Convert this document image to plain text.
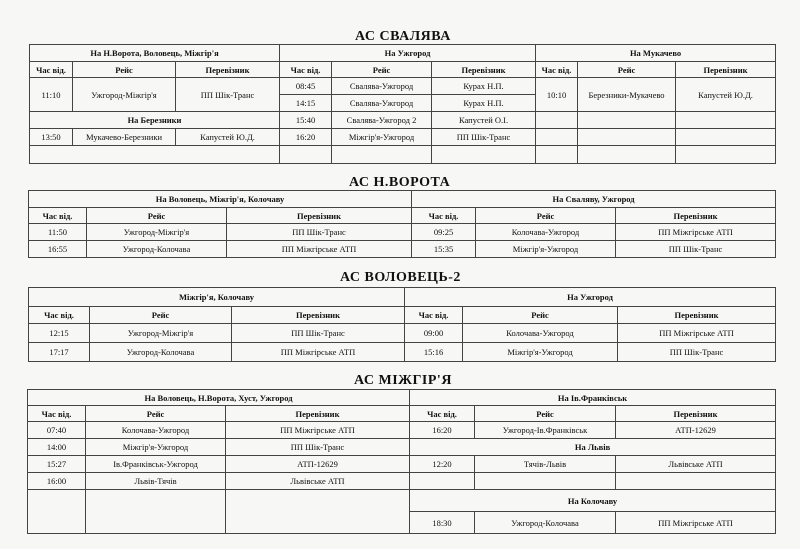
АС СВАЛЯВА
На Н.Ворота, Воловець, Міжгір'я			На Ужгород			На Мукачево		
Час від.	Рейс	Перевізник	Час від.	Рейс	Перевізник	Час від.	Рейс	Перевізник
11:10	Ужгород-Міжгір'я	ПП Шік-Транс	08:45	Свалява-Ужгород	Курах Н.П.	10:10	Березники-Мукачево	Капустей Ю.Д.
			14:15	Свалява-Ужгород	Курах Н.П.			
На Березники			15:40	Свалява-Ужгород 2	Капустей О.І.			
13:50	Мукачево-Березники	Капустей Ю.Д.	16:20	Міжгір'я-Ужгород	ПП Шік-Транс			

АС Н.ВОРОТА
На Воловець, Міжгір'я, Колочаву			На Сваляву, Ужгород		
Час від.	Рейс	Перевізник	Час від.	Рейс	Перевізник
11:50	Ужгород-Міжгір'я	ПП Шік-Транс	09:25	Колочава-Ужгород	ПП Міжгірське АТП
16:55	Ужгород-Колочава	ПП Міжгірське АТП	15:35	Міжгір'я-Ужгород	ПП Шік-Транс
АС ВОЛОВЕЦЬ-2
Міжгір'я, Колочаву			На Ужгород		
Час від.	Рейс	Перевізник	Час від.	Рейс	Перевізник
12:15	Ужгород-Міжгір'я	ПП Шік-Транс	09:00	Колочава-Ужгород	ПП Міжгірське АТП
17:17	Ужгород-Колочава	ПП Міжгірське АТП	15:16	Міжгір'я-Ужгород	ПП Шік-Транс
АС МІЖГІР'Я
На Воловець, Н.Ворота, Хуст, Ужгород			На Ів.Франківськ		
Час від.	Рейс	Перевізник	Час від.	Рейс	Перевізник
07:40	Колочава-Ужгород	ПП Міжгірське АТП	16:20	Ужгород-Ів.Франківськ	АТП-12629
14:00	Міжгір'я-Ужгород	ПП Шік-Транс	На Львів		
15:27	Ів.Франківськ-Ужгород	АТП-12629	12:20	Тячів-Львів	Львівське АТП
16:00	Львів-Тячів	Львівське АТП			
			На Колочаву		
			18:30	Ужгород-Колочава	ПП Міжгірське АТП
